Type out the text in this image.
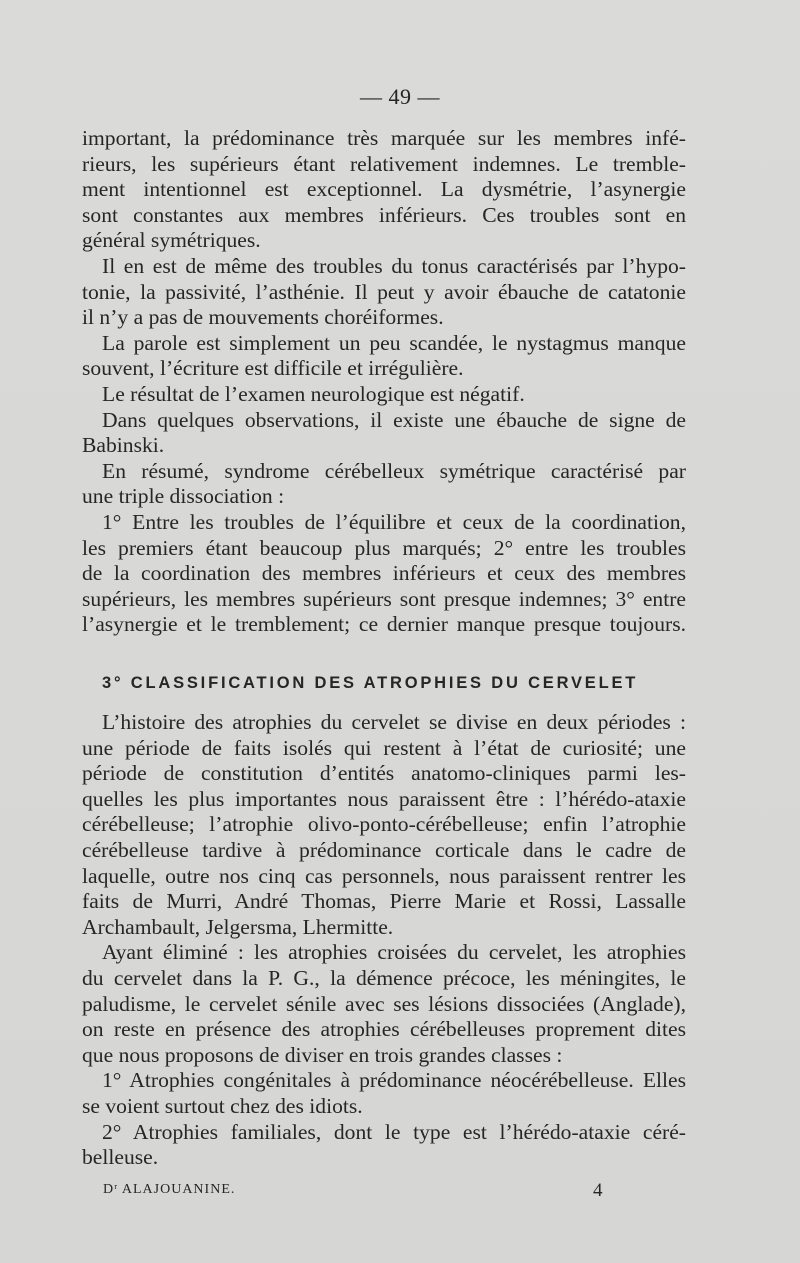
— 49 —
important, la prédominance très marquée sur les membres infé-
rieurs, les supérieurs étant relativement indemnes. Le tremble-
ment intentionnel est exceptionnel. La dysmétrie, l’asynergie
sont constantes aux membres inférieurs. Ces troubles sont en
général symétriques.
Il en est de même des troubles du tonus caractérisés par l’hypo-
tonie, la passivité, l’asthénie. Il peut y avoir ébauche de catatonie
il n’y a pas de mouvements choréiformes.
La parole est simplement un peu scandée, le nystagmus manque
souvent, l’écriture est difficile et irrégulière.
Le résultat de l’examen neurologique est négatif.
Dans quelques observations, il existe une ébauche de signe de
Babinski.
En résumé, syndrome cérébelleux symétrique caractérisé par
une triple dissociation :
1° Entre les troubles de l’équilibre et ceux de la coordination,
les premiers étant beaucoup plus marqués; 2° entre les troubles
de la coordination des membres inférieurs et ceux des membres
supérieurs, les membres supérieurs sont presque indemnes; 3° entre
l’asynergie et le tremblement; ce dernier manque presque toujours.
3° CLASSIFICATION DES ATROPHIES DU CERVELET
L’histoire des atrophies du cervelet se divise en deux périodes :
une période de faits isolés qui restent à l’état de curiosité; une
période de constitution d’entités anatomo-cliniques parmi les-
quelles les plus importantes nous paraissent être : l’hérédo-ataxie
cérébelleuse; l’atrophie olivo-ponto-cérébelleuse; enfin l’atrophie
cérébelleuse tardive à prédominance corticale dans le cadre de
laquelle, outre nos cinq cas personnels, nous paraissent rentrer les
faits de Murri, André Thomas, Pierre Marie et Rossi, Lassalle
Archambault, Jelgersma, Lhermitte.
Ayant éliminé : les atrophies croisées du cervelet, les atrophies
du cervelet dans la P. G., la démence précoce, les méningites, le
paludisme, le cervelet sénile avec ses lésions dissociées (Anglade),
on reste en présence des atrophies cérébelleuses proprement dites
que nous proposons de diviser en trois grandes classes :
1° Atrophies congénitales à prédominance néocérébelleuse. Elles
se voient surtout chez des idiots.
2° Atrophies familiales, dont le type est l’hérédo-ataxie céré-
belleuse.
Dʳ ALAJOUANINE.	4
